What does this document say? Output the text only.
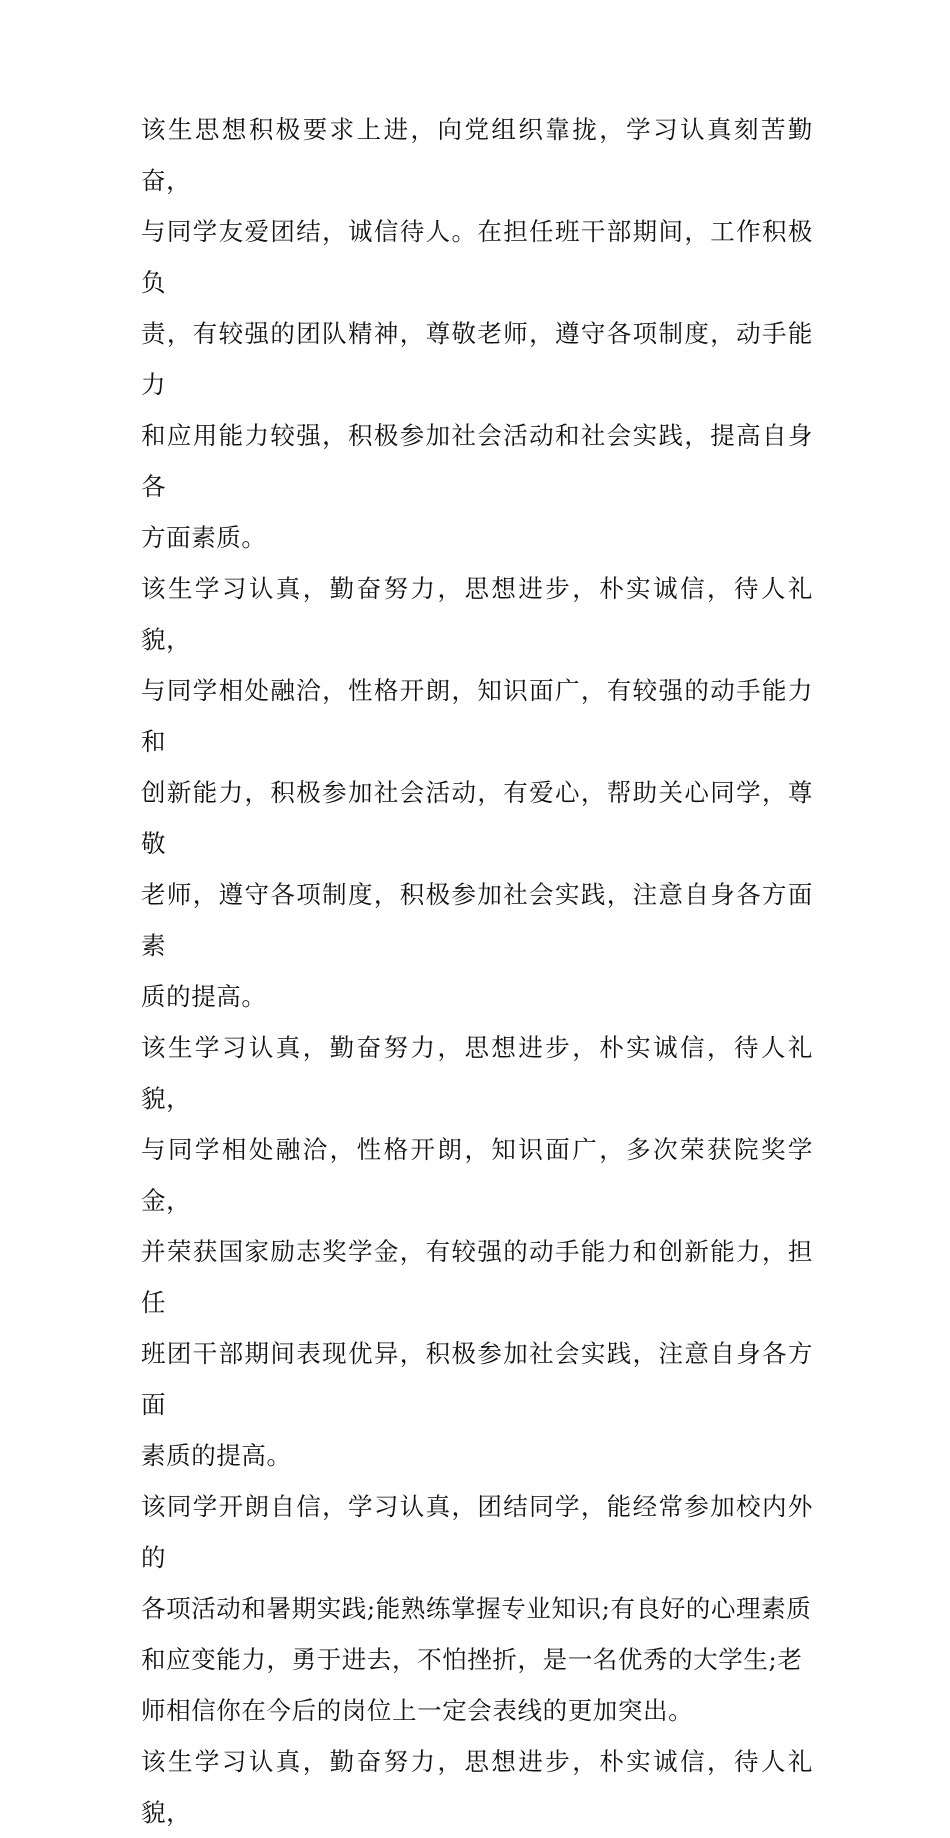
该生思想积极要求上进，向党组织靠拢，学习认真刻苦勤奋，
与同学友爱团结，诚信待人。在担任班干部期间，工作积极负
责，有较强的团队精神，尊敬老师，遵守各项制度，动手能力
和应用能力较强，积极参加社会活动和社会实践，提高自身各
方面素质。

该生学习认真，勤奋努力，思想进步，朴实诚信，待人礼貌，
与同学相处融洽，性格开朗，知识面广，有较强的动手能力和
创新能力，积极参加社会活动，有爱心，帮助关心同学，尊敬
老师，遵守各项制度，积极参加社会实践，注意自身各方面素
质的提高。

该生学习认真，勤奋努力，思想进步，朴实诚信，待人礼貌，
与同学相处融洽，性格开朗，知识面广，多次荣获院奖学金，
并荣获国家励志奖学金，有较强的动手能力和创新能力，担任
班团干部期间表现优异，积极参加社会实践，注意自身各方面
素质的提高。

该同学开朗自信，学习认真，团结同学，能经常参加校内外的
各项活动和暑期实践;能熟练掌握专业知识;有良好的心理素质
和应变能力，勇于进去，不怕挫折，是一名优秀的大学生;老
师相信你在今后的岗位上一定会表线的更加突出。

该生学习认真，勤奋努力，思想进步，朴实诚信，待人礼貌，
